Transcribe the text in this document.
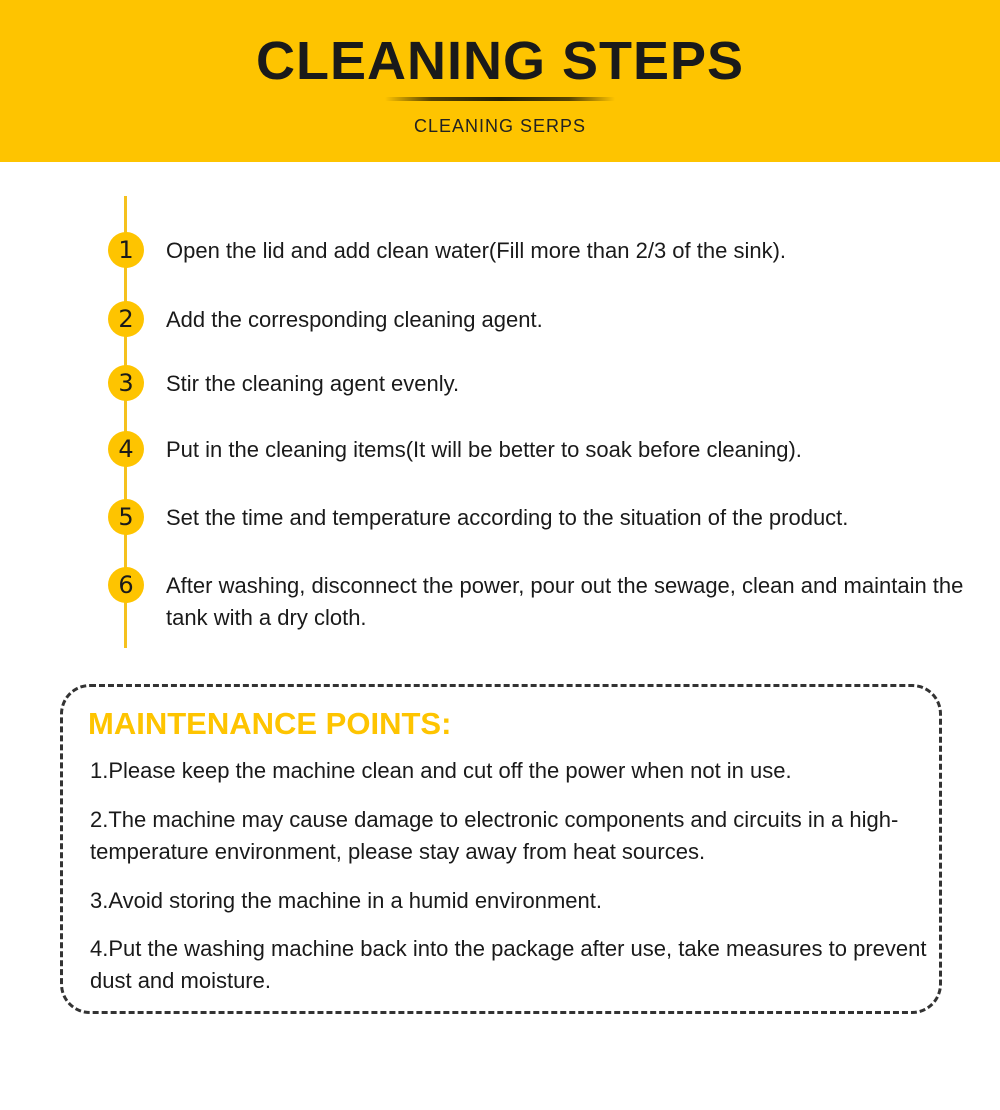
CLEANING STEPS
CLEANING SERPS
1	Open the lid and add clean water(Fill more than 2/3 of the sink).
2	Add the corresponding cleaning agent.
3	Stir the cleaning agent evenly.
4	Put in the cleaning items(It will be better to soak before cleaning).
5	Set the time and temperature according to the situation of the product.
6	After washing, disconnect the power, pour out the sewage, clean and maintain the tank with a dry cloth.
MAINTENANCE POINTS:
1.Please keep the machine clean and cut off the power when not in use.
2.The machine may cause damage to electronic components and circuits in a high-temperature environment, please stay away from heat sources.
3.Avoid storing the machine in a humid environment.
4.Put the washing machine back into the package after use, take measures to prevent dust and moisture.
